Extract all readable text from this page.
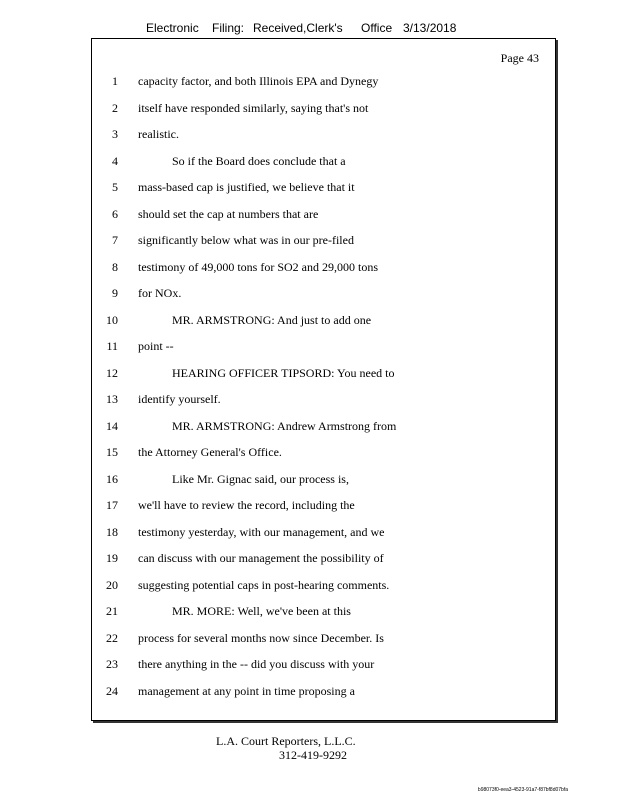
Electronic Filing: Received,Clerk's Office 3/13/2018
Page 43
1 capacity factor, and both Illinois EPA and Dynegy
2 itself have responded similarly, saying that's not
3 realistic.
4	So if the Board does conclude that a
5 mass-based cap is justified, we believe that it
6 should set the cap at numbers that are
7 significantly below what was in our pre-filed
8 testimony of 49,000 tons for SO2 and 29,000 tons
9 for NOx.
10	MR. ARMSTRONG: And just to add one
11 point --
12	HEARING OFFICER TIPSORD: You need to
13 identify yourself.
14	MR. ARMSTRONG: Andrew Armstrong from
15 the Attorney General's Office.
16	Like Mr. Gignac said, our process is,
17 we'll have to review the record, including the
18 testimony yesterday, with our management, and we
19 can discuss with our management the possibility of
20 suggesting potential caps in post-hearing comments.
21	MR. MORE: Well, we've been at this
22 process for several months now since December. Is
23 there anything in the -- did you discuss with your
24 management at any point in time proposing a
L.A. Court Reporters, L.L.C.
312-419-9292
b98073f0-eea3-4523-91a7-f87bf8d07bfa
